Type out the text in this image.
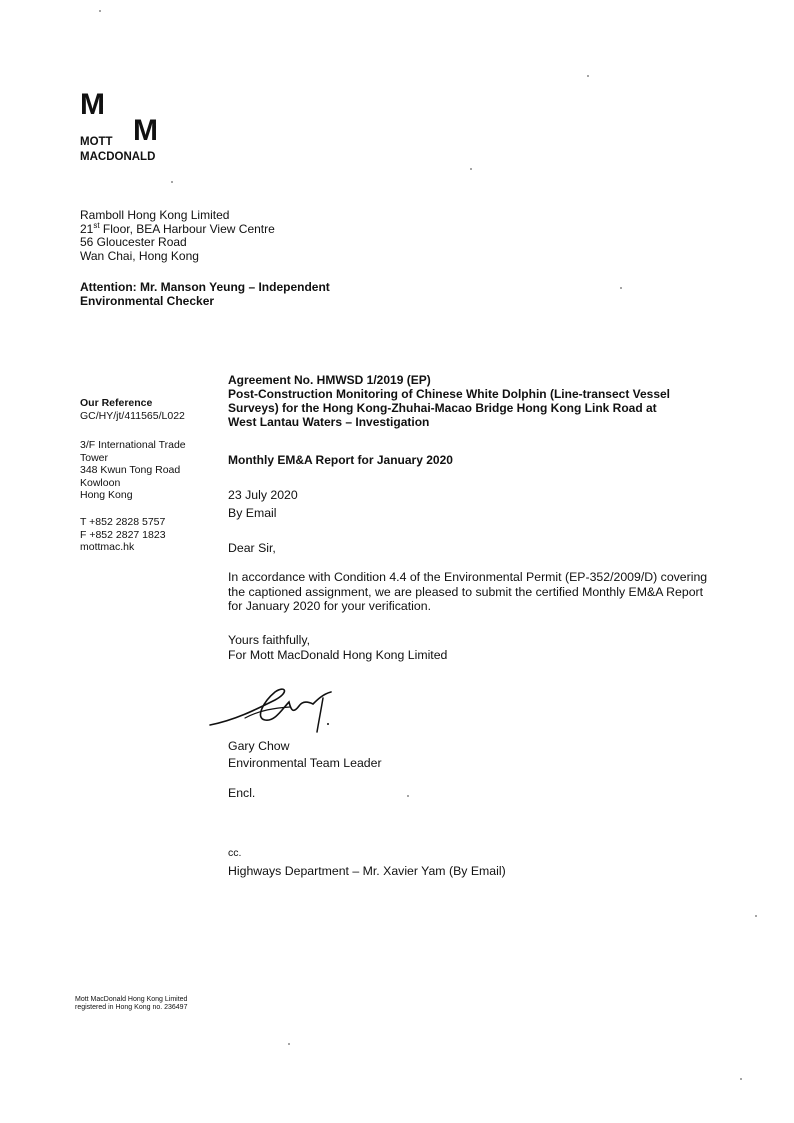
M
M
MOTT
MACDONALD
Ramboll Hong Kong Limited
21st Floor, BEA Harbour View Centre
56 Gloucester Road
Wan Chai, Hong Kong
Attention: Mr. Manson Yeung – Independent
Environmental Checker
Our Reference
GC/HY/jt/411565/L022
3/F International Trade
Tower
348 Kwun Tong Road
Kowloon
Hong Kong
T +852 2828 5757
F +852 2827 1823
mottmac.hk
Agreement No. HMWSD 1/2019 (EP)
Post-Construction Monitoring of Chinese White Dolphin (Line-transect Vessel
Surveys) for the Hong Kong-Zhuhai-Macao Bridge Hong Kong Link Road at
West Lantau Waters – Investigation
Monthly EM&A Report for January 2020
23 July 2020
By Email
Dear Sir,
In accordance with Condition 4.4 of the Environmental Permit (EP-352/2009/D) covering
the captioned assignment, we are pleased to submit the certified Monthly EM&A Report
for January 2020 for your verification.
Yours faithfully,
For Mott MacDonald Hong Kong Limited
Gary Chow
Environmental Team Leader
Encl.
cc.
Highways Department – Mr. Xavier Yam (By Email)
Mott MacDonald Hong Kong Limited
registered in Hong Kong no. 236497
